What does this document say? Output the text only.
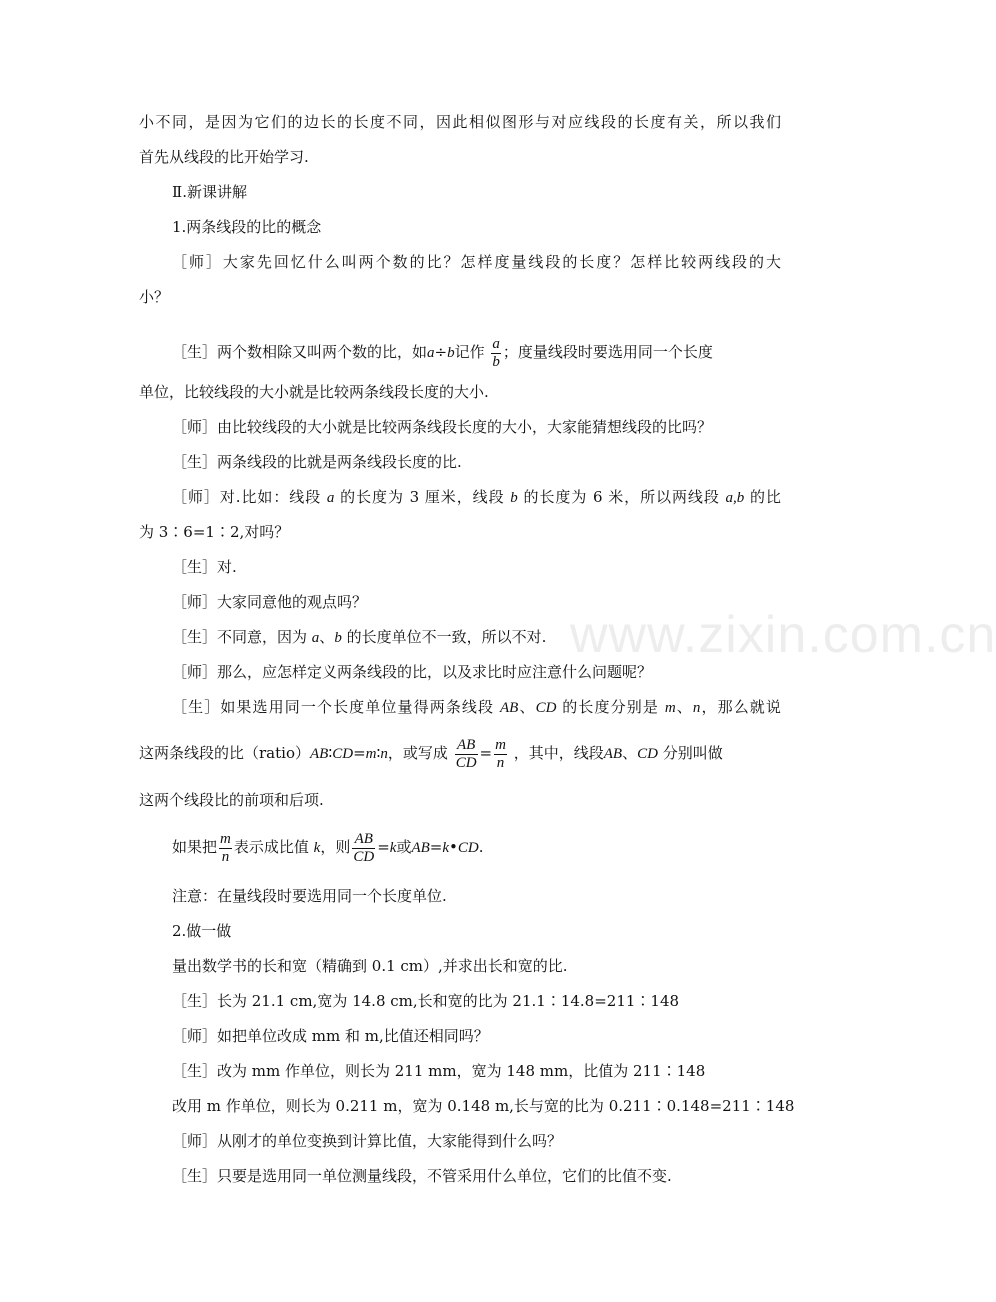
www.zixin.com.cn
小不同，是因为它们的边长的长度不同，因此相似图形与对应线段的长度有关，所以我们
首先从线段的比开始学习.
Ⅱ.新课讲解
1.两条线段的比的概念
［师］大家先回忆什么叫两个数的比？怎样度量线段的长度？怎样比较两线段的大
小？
［生］两个数相除又叫两个数的比，如a÷b记作 $\frac{a}{b}$ ；度量线段时要选用同一个长度
单位，比较线段的大小就是比较两条线段长度的大小.
［师］由比较线段的大小就是比较两条线段长度的大小，大家能猜想线段的比吗？
［生］两条线段的比就是两条线段长度的比.
［师］对.比如：线段 a 的长度为 3 厘米，线段 b 的长度为 6 米，所以两线段 a,b 的比
为 3∶6=1∶2,对吗？
［生］对.
［师］大家同意他的观点吗？
［生］不同意，因为 a、b 的长度单位不一致，所以不对.
［师］那么，应怎样定义两条线段的比，以及求比时应注意什么问题呢？
［生］如果选用同一个长度单位量得两条线段 AB、CD 的长度分别是 m、n，那么就说
这两条线段的比（ratio）AB∶CD=m∶n，或写成 $\frac{AB}{CD} = \frac{m}{n}$ ，其中，线段AB、CD 分别叫做
这两个线段比的前项和后项.
如果把 $\frac{m}{n}$ 表示成比值 k，则 $\frac{AB}{CD} =k$或AB=k•CD.
注意：在量线段时要选用同一个长度单位.
2.做一做
量出数学书的长和宽（精确到 0.1 cm）,并求出长和宽的比.
［生］长为 21.1 cm,宽为 14.8 cm,长和宽的比为 21.1∶14.8=211∶148
［师］如把单位改成 mm 和 m,比值还相同吗？
［生］改为 mm 作单位，则长为 211 mm，宽为 148 mm，比值为 211∶148
改用 m 作单位，则长为 0.211 m，宽为 0.148 m,长与宽的比为 0.211∶0.148=211∶148
［师］从刚才的单位变换到计算比值，大家能得到什么吗？
［生］只要是选用同一单位测量线段，不管采用什么单位，它们的比值不变.
